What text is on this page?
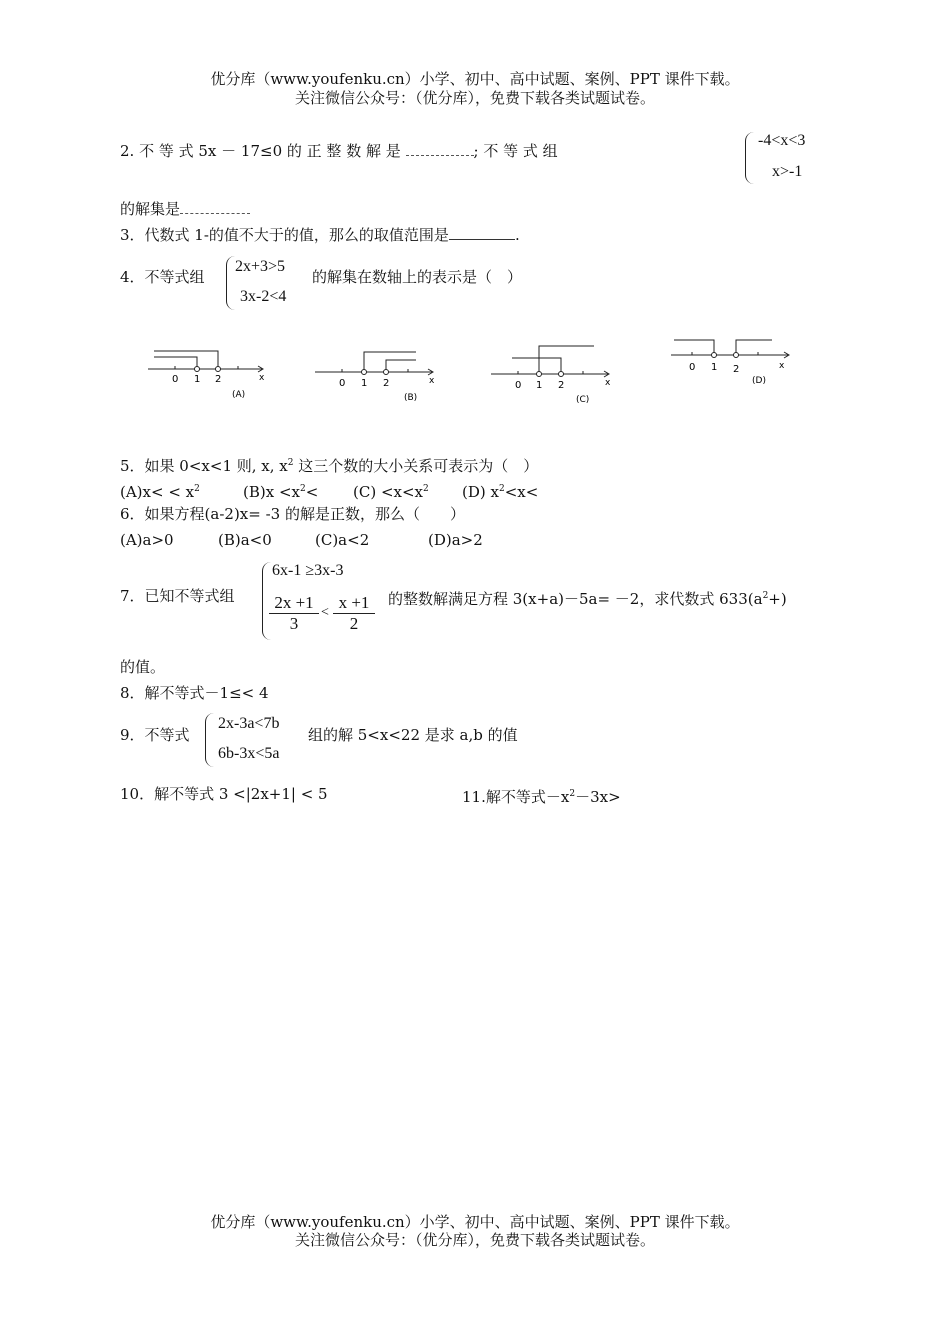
优分库（www.youfenku.cn）小学、初中、高中试题、案例、PPT 课件下载。
关注微信公众号：（优分库），免费下载各类试题试卷。
2. 不 等 式 5x － 17≤0 的 正 整 数 解 是	; 不 等 式 组
-4<x<3
x>-1
的解集是
3．代数式 1-的值不大于的值，那么的取值范围是	.
4．不等式组
2x+3>5
3x-2<4
的解集在数轴上的表示是（　）
0 1 2	x
(A)
0 1 2	x
(B)
0 1 2	x
(C)
0 1 2	x
(D)
5．如果 0<x<1 则, x, $x^2$ 这三个数的大小关系可表示为（　）
$(A)x< < x^2$	$(B)x <x^2< (C) <x<x^2$ (D) $x^2<x<$
6．如果方程(a-2)x= -3 的解是正数，那么（　　）
(A)a>0	(B)a<0	(C)a<2	(D)a>2
7．已知不等式组
6x-1 ≥3x-3
$\frac{2x +1}{3} < \frac{x +1}{2}$ 的整数解满足方程 3(x+a)－5a= －2，求代数式 $633(a^2+)$
的值。
8．解不等式－1≤< 4
9．不等式
2x-3a<7b
6b-3x<5a
组的解 5<x<22 是求 a,b 的值
10．解不等式 3 <|2x+1| < 5	11.解不等式$-x^2-3x>$
优分库（www.youfenku.cn）小学、初中、高中试题、案例、PPT 课件下载。
关注微信公众号：（优分库），免费下载各类试题试卷。
